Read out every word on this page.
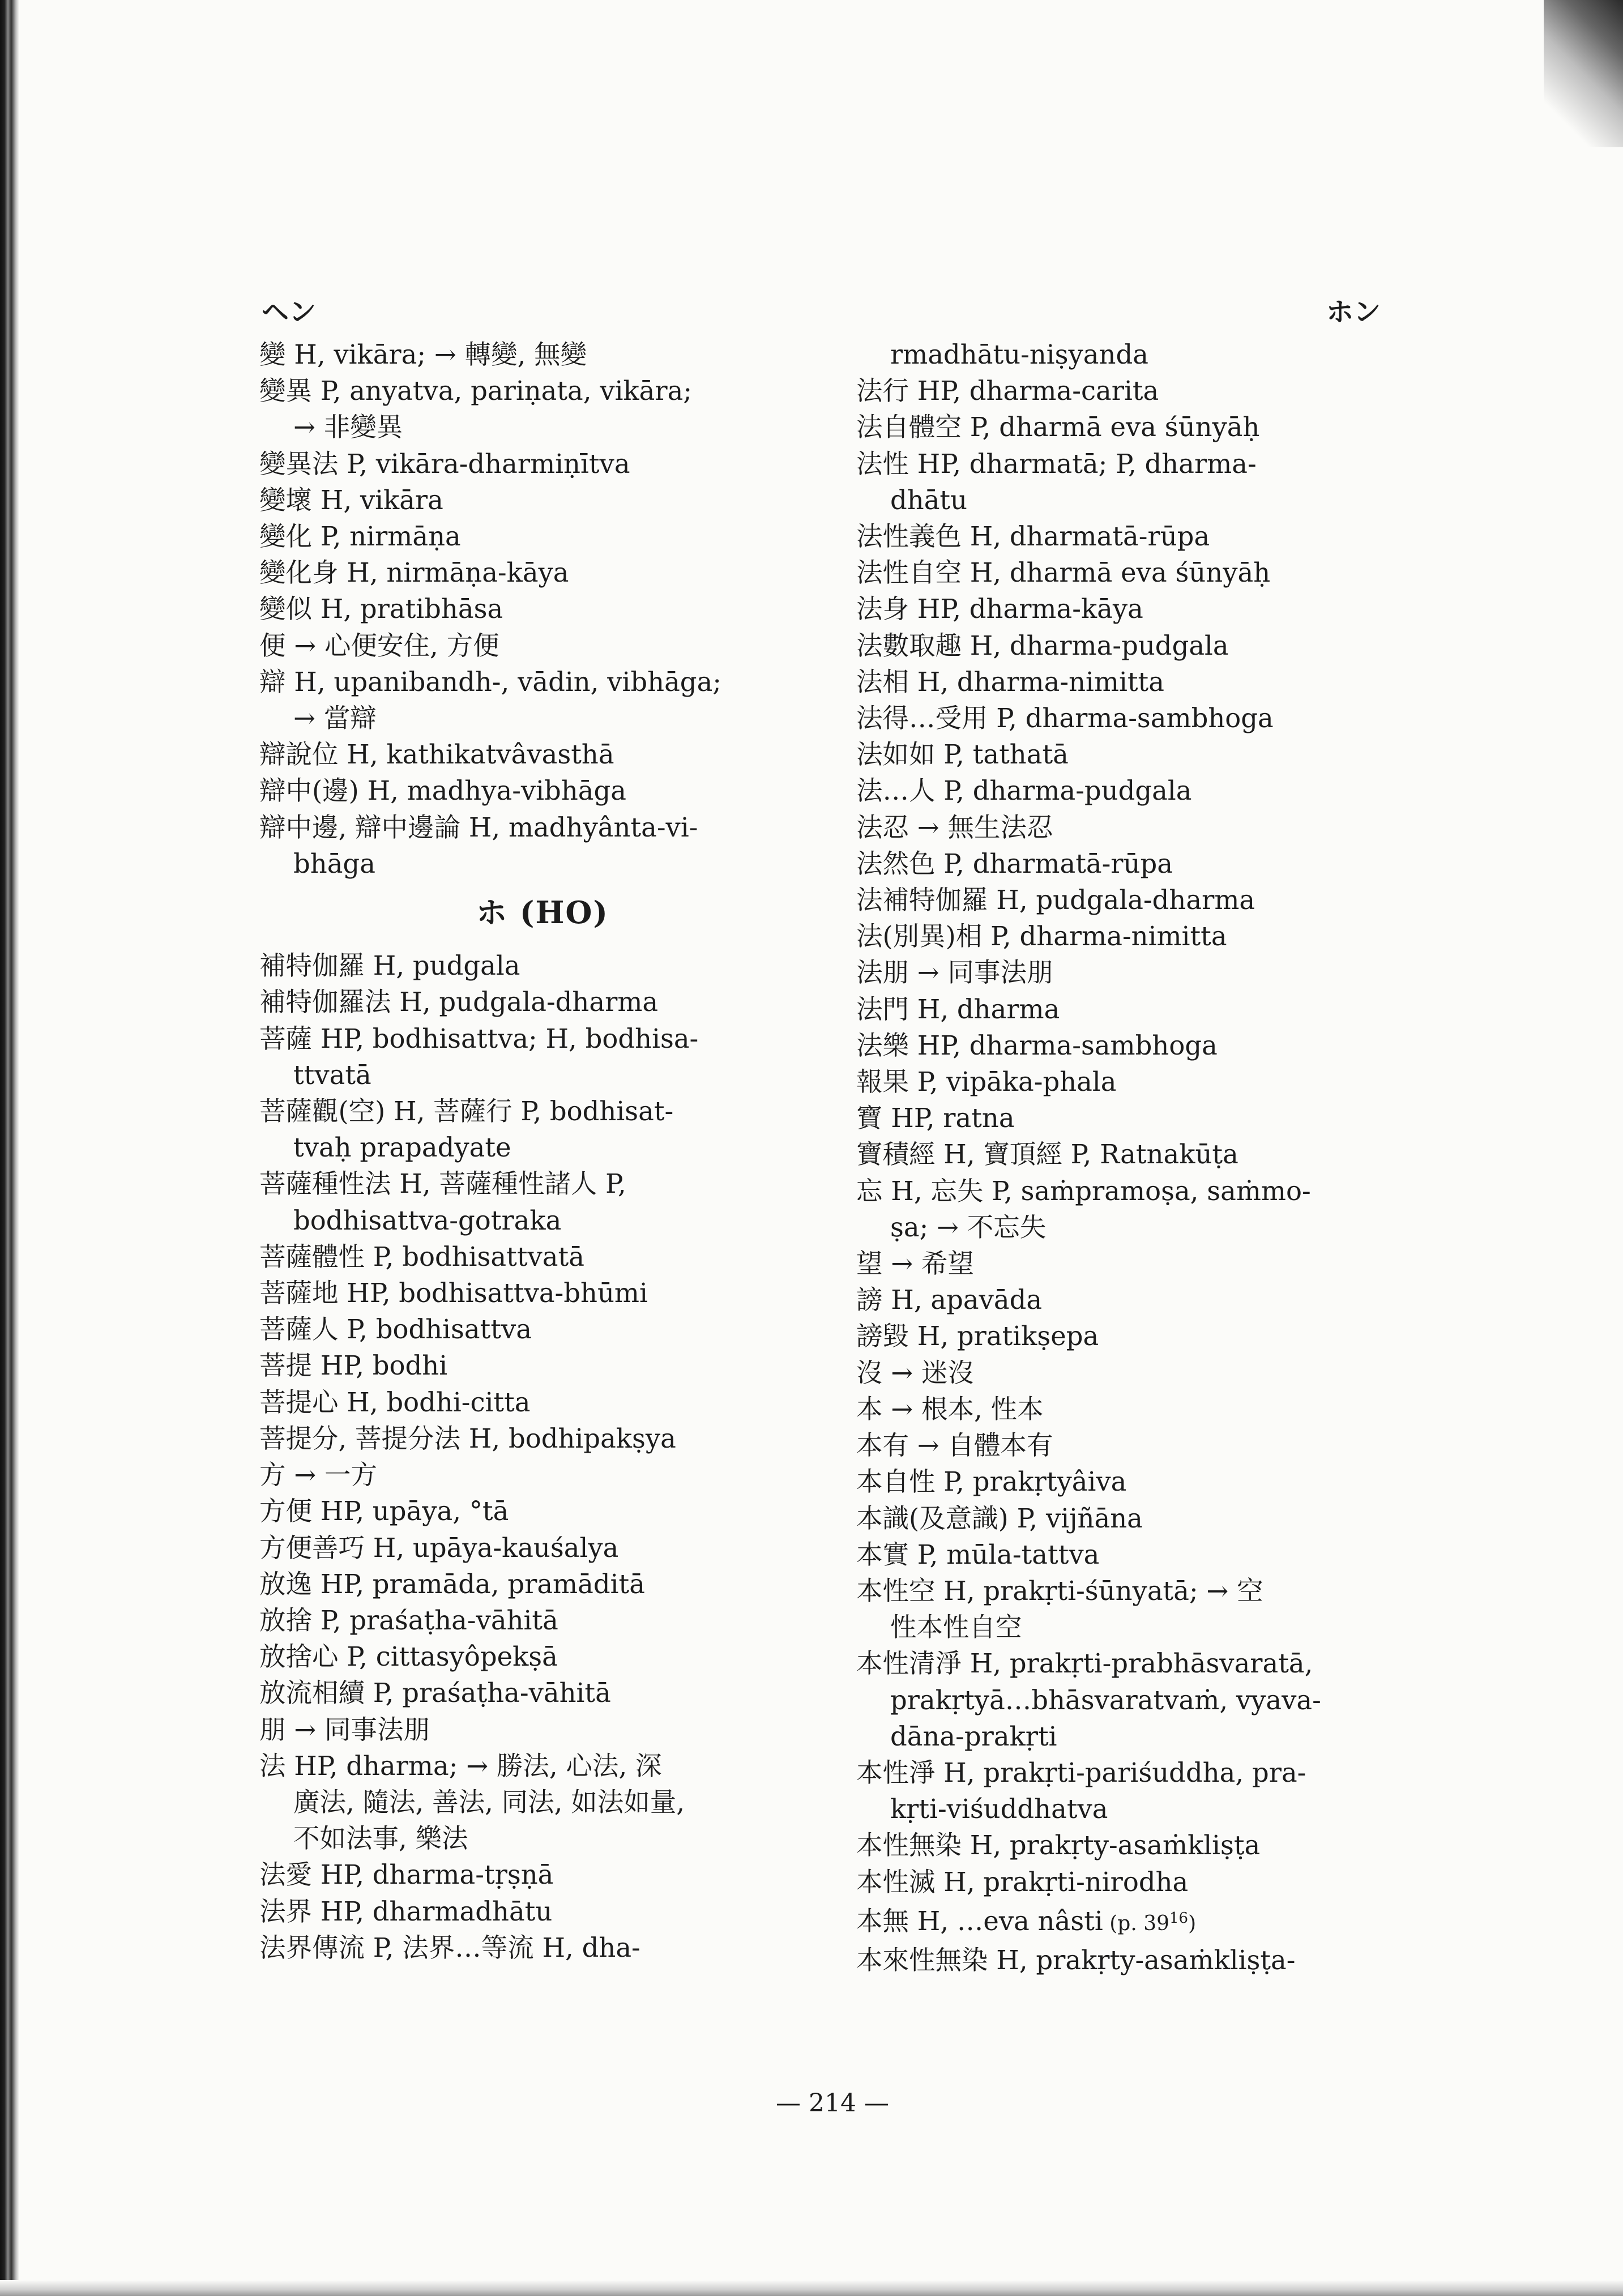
ヘン	ホン
變 H, vikāra; → 轉變, 無變
變異 P, anyatva, pariṇata, vikāra;
→ 非變異
變異法 P, vikāra-dharmiṇītva
變壞 H, vikāra
變化 P, nirmāṇa
變化身 H, nirmāṇa-kāya
變似 H, pratibhāsa
便 → 心便安住, 方便
辯 H, upanibandh-, vādin, vibhāga;
→ 當辯
辯說位 H, kathikatvâvasthā
辯中(邊) H, madhya-vibhāga
辯中邊, 辯中邊論 H, madhyânta-vi-
bhāga
ホ (HO)
補特伽羅 H, pudgala
補特伽羅法 H, pudgala-dharma
菩薩 HP, bodhisattva; H, bodhisa-
ttvatā
菩薩觀(空) H, 菩薩行 P, bodhisat-
tvaḥ prapadyate
菩薩種性法 H, 菩薩種性諸人 P,
bodhisattva-gotraka
菩薩體性 P, bodhisattvatā
菩薩地 HP, bodhisattva-bhūmi
菩薩人 P, bodhisattva
菩提 HP, bodhi
菩提心 H, bodhi-citta
菩提分, 菩提分法 H, bodhipakṣya
方 → 一方
方便 HP, upāya, °tā
方便善巧 H, upāya-kauśalya
放逸 HP, pramāda, pramāditā
放捨 P, praśaṭha-vāhitā
放捨心 P, cittasyôpekṣā
放流相續 P, praśaṭha-vāhitā
朋 → 同事法朋
法 HP, dharma; → 勝法, 心法, 深
廣法, 隨法, 善法, 同法, 如法如量,
不如法事, 樂法
法愛 HP, dharma-tṛṣṇā
法界 HP, dharmadhātu
法界傳流 P, 法界…等流 H, dha-
rmadhātu-niṣyanda
法行 HP, dharma-carita
法自體空 P, dharmā eva śūnyāḥ
法性 HP, dharmatā; P, dharma-
dhātu
法性義色 H, dharmatā-rūpa
法性自空 H, dharmā eva śūnyāḥ
法身 HP, dharma-kāya
法數取趣 H, dharma-pudgala
法相 H, dharma-nimitta
法得…受用 P, dharma-sambhoga
法如如 P, tathatā
法…人 P, dharma-pudgala
法忍 → 無生法忍
法然色 P, dharmatā-rūpa
法補特伽羅 H, pudgala-dharma
法(別異)相 P, dharma-nimitta
法朋 → 同事法朋
法門 H, dharma
法樂 HP, dharma-sambhoga
報果 P, vipāka-phala
寶 HP, ratna
寶積經 H, 寶頂經 P, Ratnakūṭa
忘 H, 忘失 P, saṁpramoṣa, saṁmo-
ṣa; → 不忘失
望 → 希望
謗 H, apavāda
謗毀 H, pratikṣepa
沒 → 迷沒
本 → 根本, 性本
本有 → 自體本有
本自性 P, prakṛtyâiva
本識(及意識) P, vijñāna
本實 P, mūla-tattva
本性空 H, prakṛti-śūnyatā; → 空
性本性自空
本性清淨 H, prakṛti-prabhāsvaratā,
prakṛtyā…bhāsvaratvaṁ, vyava-
dāna-prakṛti
本性淨 H, prakṛti-pariśuddha, pra-
kṛti-viśuddhatva
本性無染 H, prakṛty-asaṁkliṣṭa
本性滅 H, prakṛti-nirodha
本無 H, …eva nâsti (p. $39^{16}$)
本來性無染 H, prakṛty-asaṁkliṣṭa-
— 214 —
